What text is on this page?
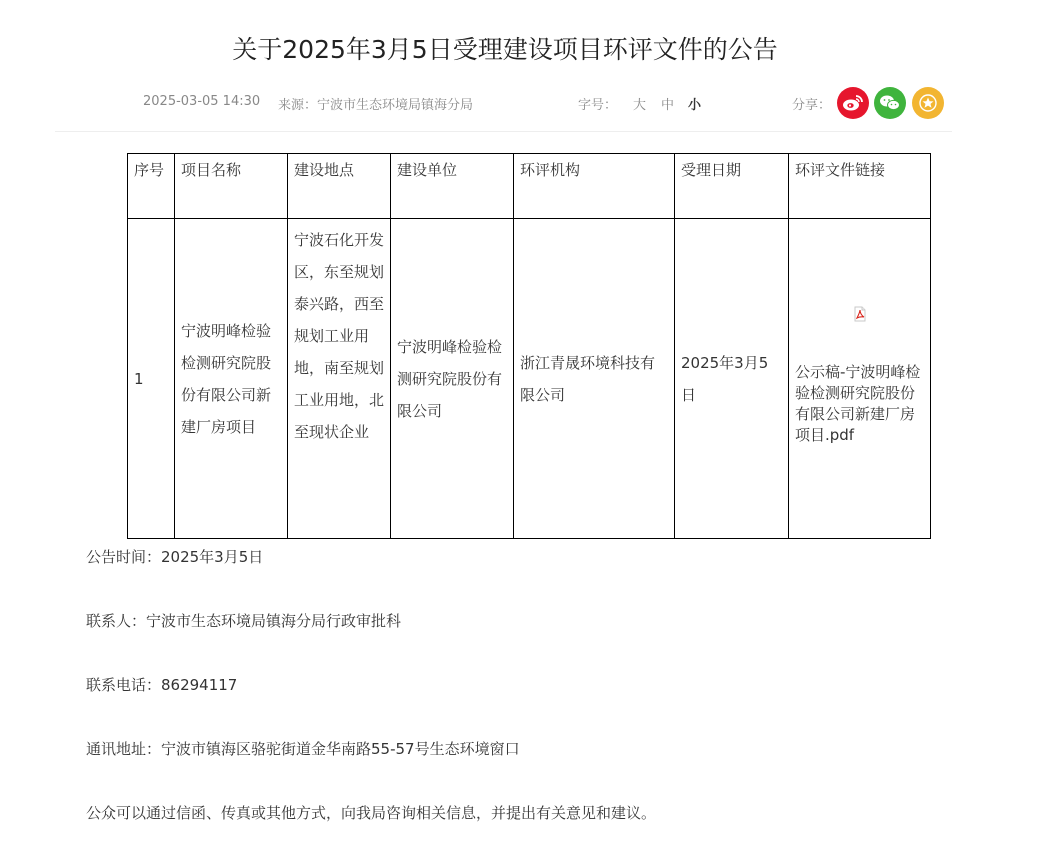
关于2025年3月5日受理建设项目环评文件的公告
2025-03-05 14:30 来源：宁波市生态环境局镇海分局	字号： 大 中 小	分享：
序号	项目名称	建设地点	建设单位	环评机构	受理日期	环评文件链接
1	宁波明峰检验检测研究院股份有限公司新建厂房项目	宁波石化开发区，东至规划泰兴路，西至规划工业用地，南至规划工业用地，北至现状企业	宁波明峰检验检测研究院股份有限公司	浙江青晟环境科技有限公司	2025年3月5日	公示稿-宁波明峰检验检测研究院股份有限公司新建厂房项目.pdf
公告时间：2025年3月5日
联系人：宁波市生态环境局镇海分局行政审批科
联系电话：86294117
通讯地址：宁波市镇海区骆驼街道金华南路55-57号生态环境窗口
公众可以通过信函、传真或其他方式，向我局咨询相关信息，并提出有关意见和建议。
